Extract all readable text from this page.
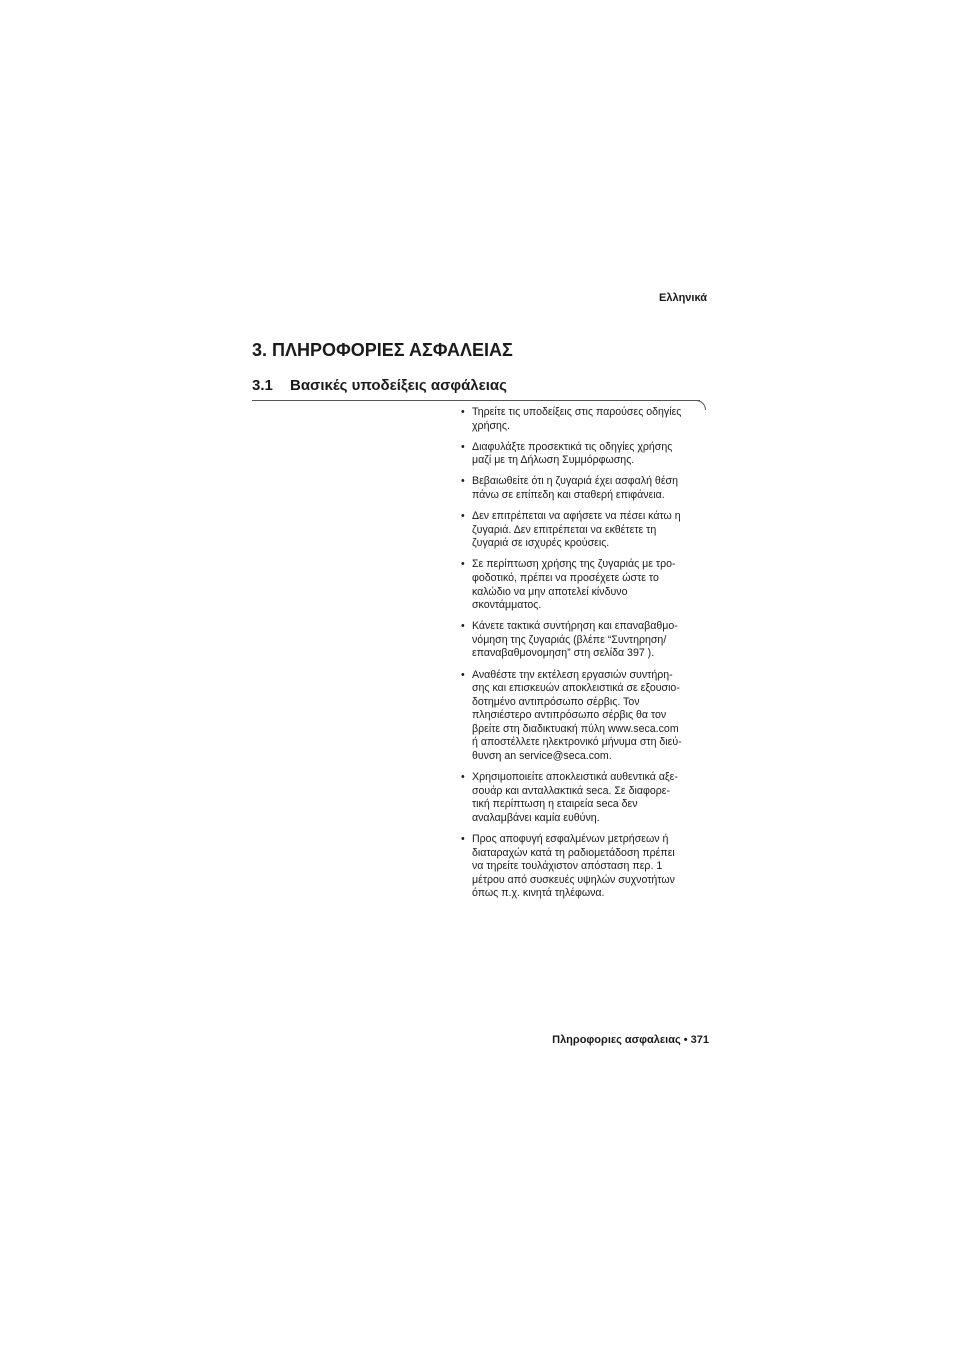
Ελληνικά
3. ΠΛΗΡΟΦΟΡΙΕΣ ΑΣΦΑΛΕΙΑΣ
3.1 Βασικές υποδείξεις ασφάλειας
• Τηρείτε τις υποδείξεις στις παρούσες οδηγίες
χρήσης.
• Διαφυλάξτε προσεκτικά τις οδηγίες χρήσης
μαζί με τη Δήλωση Συμμόρφωσης.
• Βεβαιωθείτε ότι η ζυγαριά έχει ασφαλή θέση
πάνω σε επίπεδη και σταθερή επιφάνεια.
• Δεν επιτρέπεται να αφήσετε να πέσει κάτω η
ζυγαριά. Δεν επιτρέπεται να εκθέτετε τη
ζυγαριά σε ισχυρές κρούσεις.
• Σε περίπτωση χρήσης της ζυγαριάς με τρο-
φοδοτικό, πρέπει να προσέχετε ώστε το
καλώδιο να μην αποτελεί κίνδυνο
σκοντάμματος.
• Κάνετε τακτικά συντήρηση και επαναβαθμο-
νόμηση της ζυγαριάς (βλέπε “Συντηρηση/
επαναβαθμονομηση” στη σελίδα 397 ).
• Αναθέστε την εκτέλεση εργασιών συντήρη-
σης και επισκευών αποκλειστικά σε εξουσιο-
δοτημένο αντιπρόσωπο σέρβις. Τον
πλησιέστερο αντιπρόσωπο σέρβις θα τον
βρείτε στη διαδικτυακή πύλη www.seca.com
ή αποστέλλετε ηλεκτρονικό μήνυμα στη διεύ-
θυνση an service@seca.com.
• Χρησιμοποιείτε αποκλειστικά αυθεντικά αξε-
σουάρ και ανταλλακτικά seca. Σε διαφορε-
τική περίπτωση η εταιρεία seca δεν
αναλαμβάνει καμία ευθύνη.
• Προς αποφυγή εσφαλμένων μετρήσεων ή
διαταραχών κατά τη ραδιομετάδοση πρέπει
να τηρείτε τουλάχιστον απόσταση περ. 1
μέτρου από συσκευές υψηλών συχνοτήτων
όπως π.χ. κινητά τηλέφωνα.
Πληροφοριες ασφαλειας • 371
